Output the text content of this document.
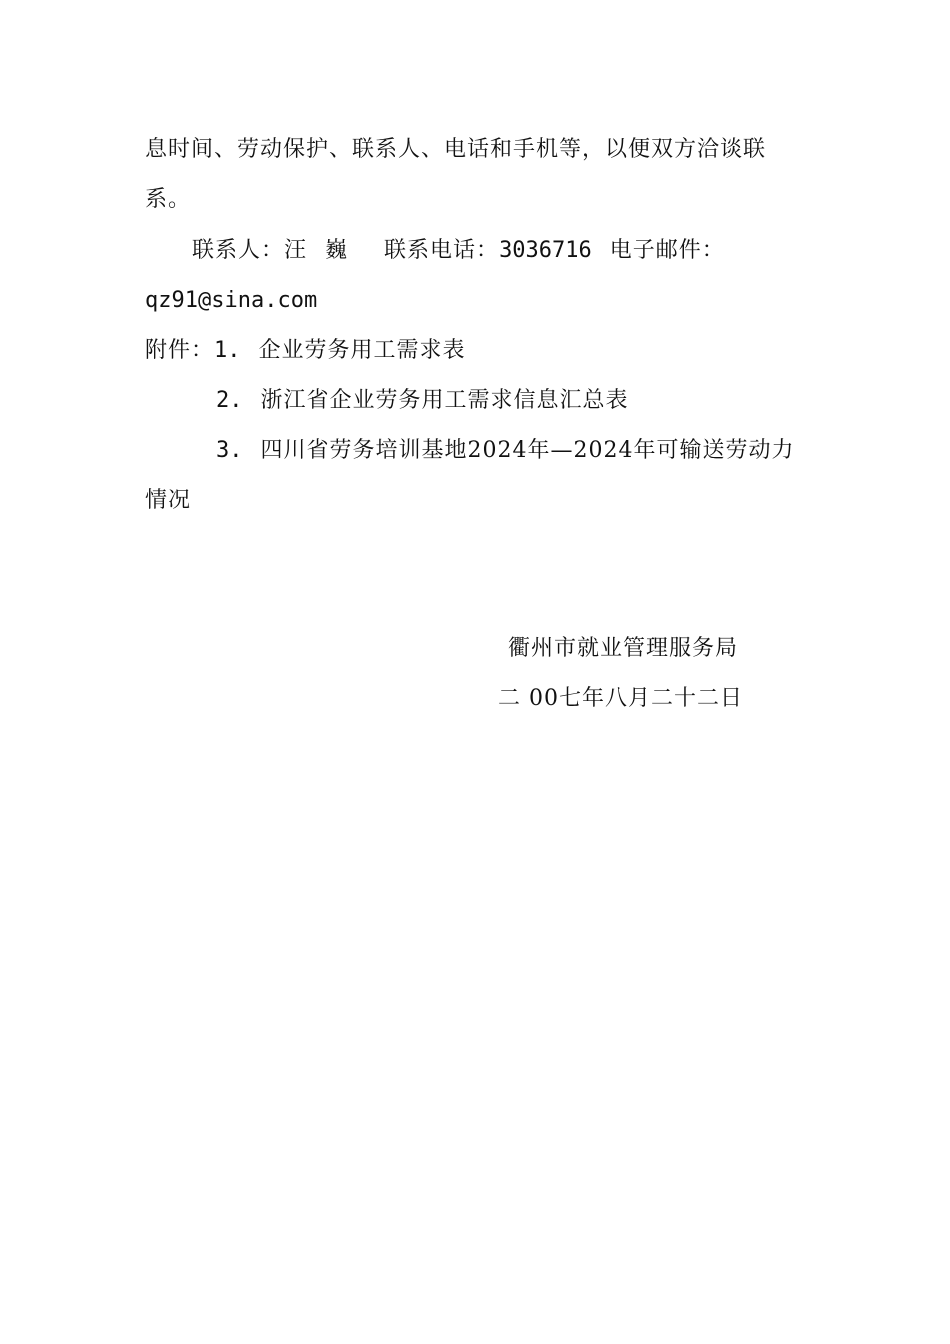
息时间、劳动保护、联系人、电话和手机等，以便双方洽谈联
系。
联系人：汪 巍 联系电话：3036716 电子邮件：
qz91@sina.com
附件：1. 企业劳务用工需求表
2. 浙江省企业劳务用工需求信息汇总表
3. 四川省劳务培训基地2024年—2024年可输送劳动力
情况
衢州市就业管理服务局
二 00七年八月二十二日
